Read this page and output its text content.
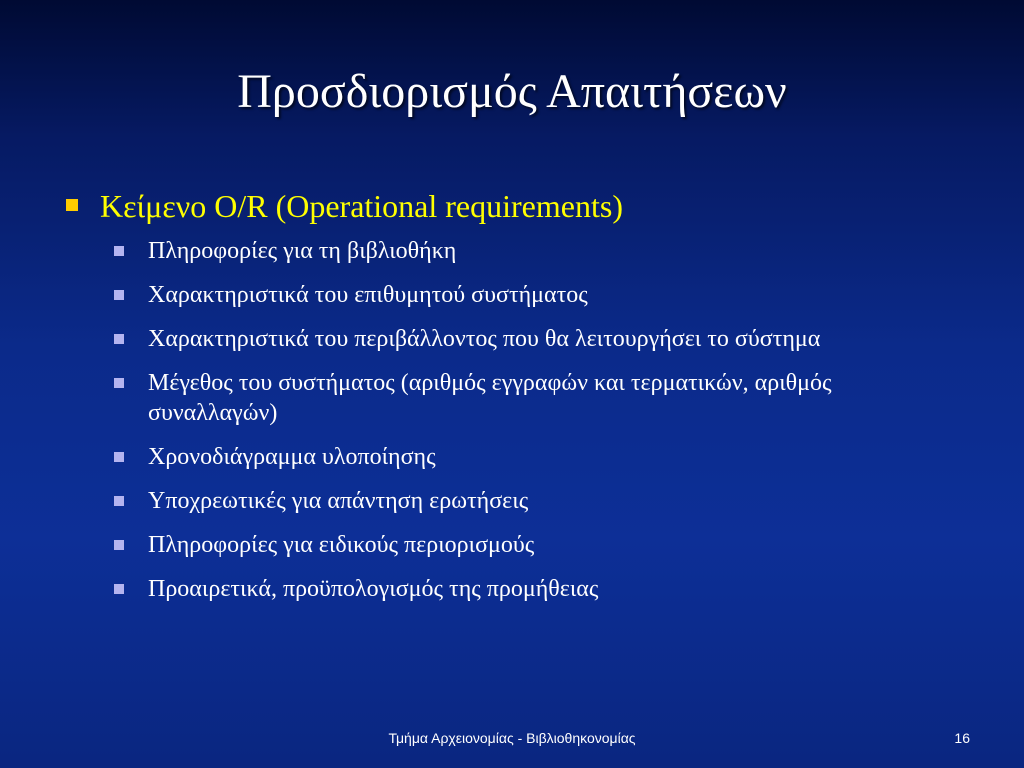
Προσδιορισμός Απαιτήσεων
Κείμενο O/R (Operational requirements)
Πληροφορίες για τη βιβλιοθήκη
Χαρακτηριστικά του επιθυμητού συστήματος
Χαρακτηριστικά του περιβάλλοντος που θα λειτουργήσει το σύστημα
Μέγεθος του συστήματος (αριθμός εγγραφών και τερματικών, αριθμός συναλλαγών)
Χρονοδιάγραμμα υλοποίησης
Υποχρεωτικές για απάντηση ερωτήσεις
Πληροφορίες για ειδικούς περιορισμούς
Προαιρετικά, προϋπολογισμός της προμήθειας
Τμήμα Αρχειονομίας - Βιβλιοθηκονομίας	16
